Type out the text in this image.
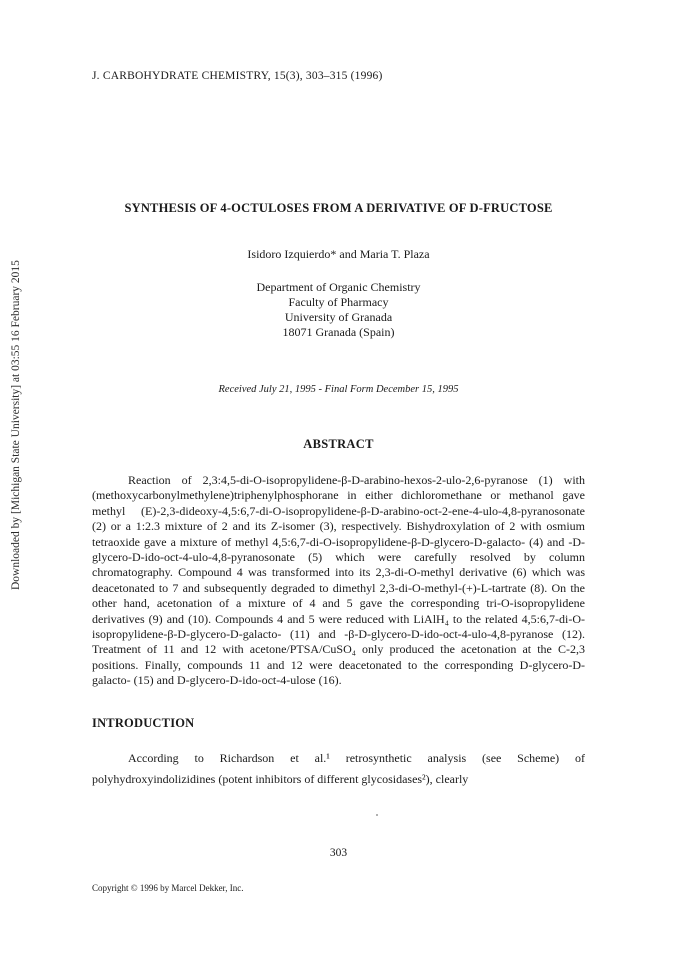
Downloaded by [Michigan State University] at 03:55 16 February 2015
J. CARBOHYDRATE CHEMISTRY, 15(3), 303–315 (1996)
SYNTHESIS OF 4-OCTULOSES FROM A DERIVATIVE OF D-FRUCTOSE
Isidoro Izquierdo* and Maria T. Plaza
Department of Organic Chemistry
Faculty of Pharmacy
University of Granada
18071 Granada (Spain)
Received July 21, 1995 - Final Form December 15, 1995
ABSTRACT

Reaction of 2,3:4,5-di-O-isopropylidene-β-D-arabino-hexos-2-ulo-2,6-pyranose (1) with (methoxycarbonylmethylene)triphenylphosphorane in either dichloromethane or methanol gave methyl (E)-2,3-dideoxy-4,5:6,7-di-O-isopropylidene-β-D-arabino-oct-2-ene-4-ulo-4,8-pyranosonate (2) or a 1:2.3 mixture of 2 and its Z-isomer (3), respectively. Bishydroxylation of 2 with osmium tetraoxide gave a mixture of methyl 4,5:6,7-di-O-isopropylidene-β-D-glycero-D-galacto- (4) and -D-glycero-D-ido-oct-4-ulo-4,8-pyranosonate (5) which were carefully resolved by column chromatography. Compound 4 was transformed into its 2,3-di-O-methyl derivative (6) which was deacetonated to 7 and subsequently degraded to dimethyl 2,3-di-O-methyl-(+)-L-tartrate (8). On the other hand, acetonation of a mixture of 4 and 5 gave the corresponding tri-O-isopropylidene derivatives (9) and (10). Compounds 4 and 5 were reduced with LiAlH₄ to the related 4,5:6,7-di-O-isopropylidene-β-D-glycero-D-galacto- (11) and -β-D-glycero-D-ido-oct-4-ulo-4,8-pyranose (12). Treatment of 11 and 12 with acetone/PTSA/CuSO₄ only produced the acetonation at the C-2,3 positions. Finally, compounds 11 and 12 were deacetonated to the corresponding D-glycero-D-galacto- (15) and D-glycero-D-ido-oct-4-ulose (16).

INTRODUCTION

According to Richardson et al.¹ retrosynthetic analysis (see Scheme) of polyhydroxyindolizidines (potent inhibitors of different glycosidases²), clearly

303
Copyright © 1996 by Marcel Dekker, Inc.
